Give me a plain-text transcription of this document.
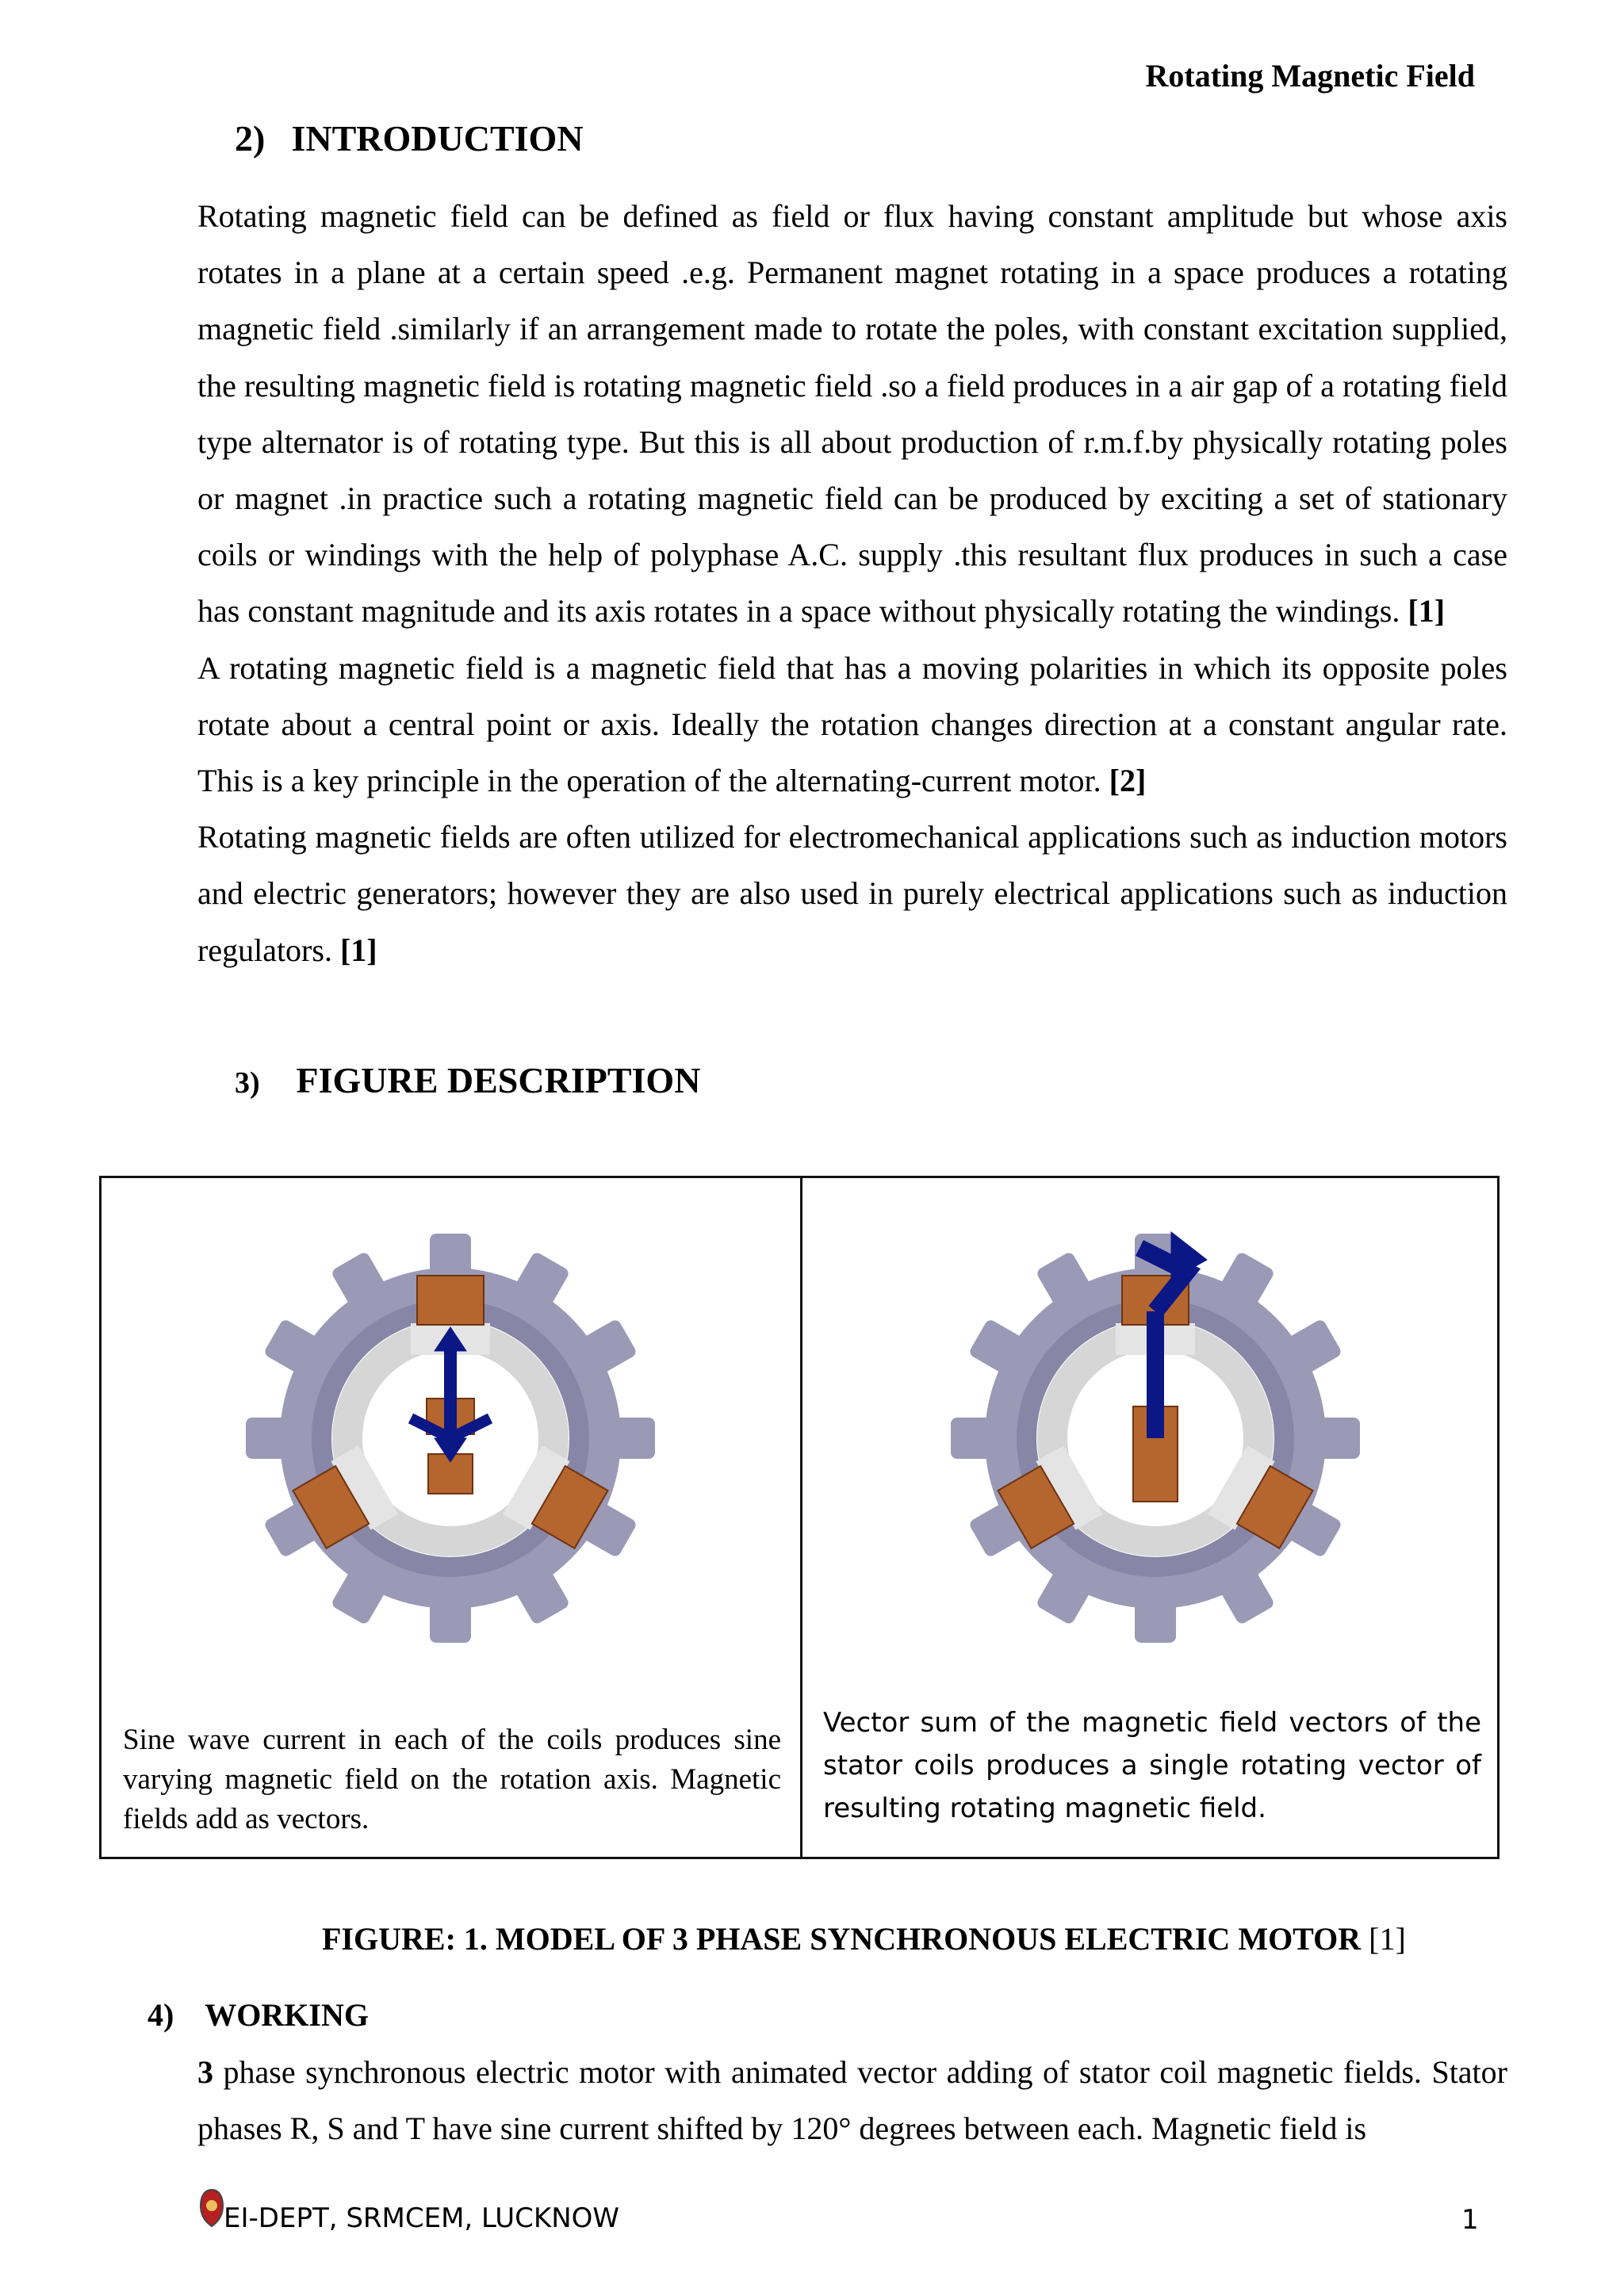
Rotating Magnetic Field
2) INTRODUCTION

Rotating magnetic field can be defined as field or flux having constant amplitude but whose axis rotates in a plane at a certain speed .e.g. Permanent magnet rotating in a space produces a rotating magnetic field .similarly if an arrangement made to rotate the poles, with constant excitation supplied, the resulting magnetic field is rotating magnetic field .so a field produces in a air gap of a rotating field type alternator is of rotating type. But this is all about production of r.m.f.by physically rotating poles or magnet .in practice such a rotating magnetic field can be produced by exciting a set of stationary coils or windings with the help of polyphase A.C. supply .this resultant flux produces in such a case has constant magnitude and its axis rotates in a space without physically rotating the windings. [1]

A rotating magnetic field is a magnetic field that has a moving polarities in which its opposite poles rotate about a central point or axis. Ideally the rotation changes direction at a constant angular rate. This is a key principle in the operation of the alternating-current motor. [2]

Rotating magnetic fields are often utilized for electromechanical applications such as induction motors and electric generators; however they are also used in purely electrical applications such as induction regulators. [1]

3) FIGURE DESCRIPTION
Sine wave current in each of the coils produces sine varying magnetic field on the rotation axis. Magnetic fields add as vectors.
Vector sum of the magnetic field vectors of the stator coils produces a single rotating vector of resulting rotating magnetic field.
FIGURE: 1. MODEL OF 3 PHASE SYNCHRONOUS ELECTRIC MOTOR [1]
4) WORKING

3 phase synchronous electric motor with animated vector adding of stator coil magnetic fields. Stator phases R, S and T have sine current shifted by 120° degrees between each. Magnetic field is

EI-DEPT, SRMCEM, LUCKNOW	1
